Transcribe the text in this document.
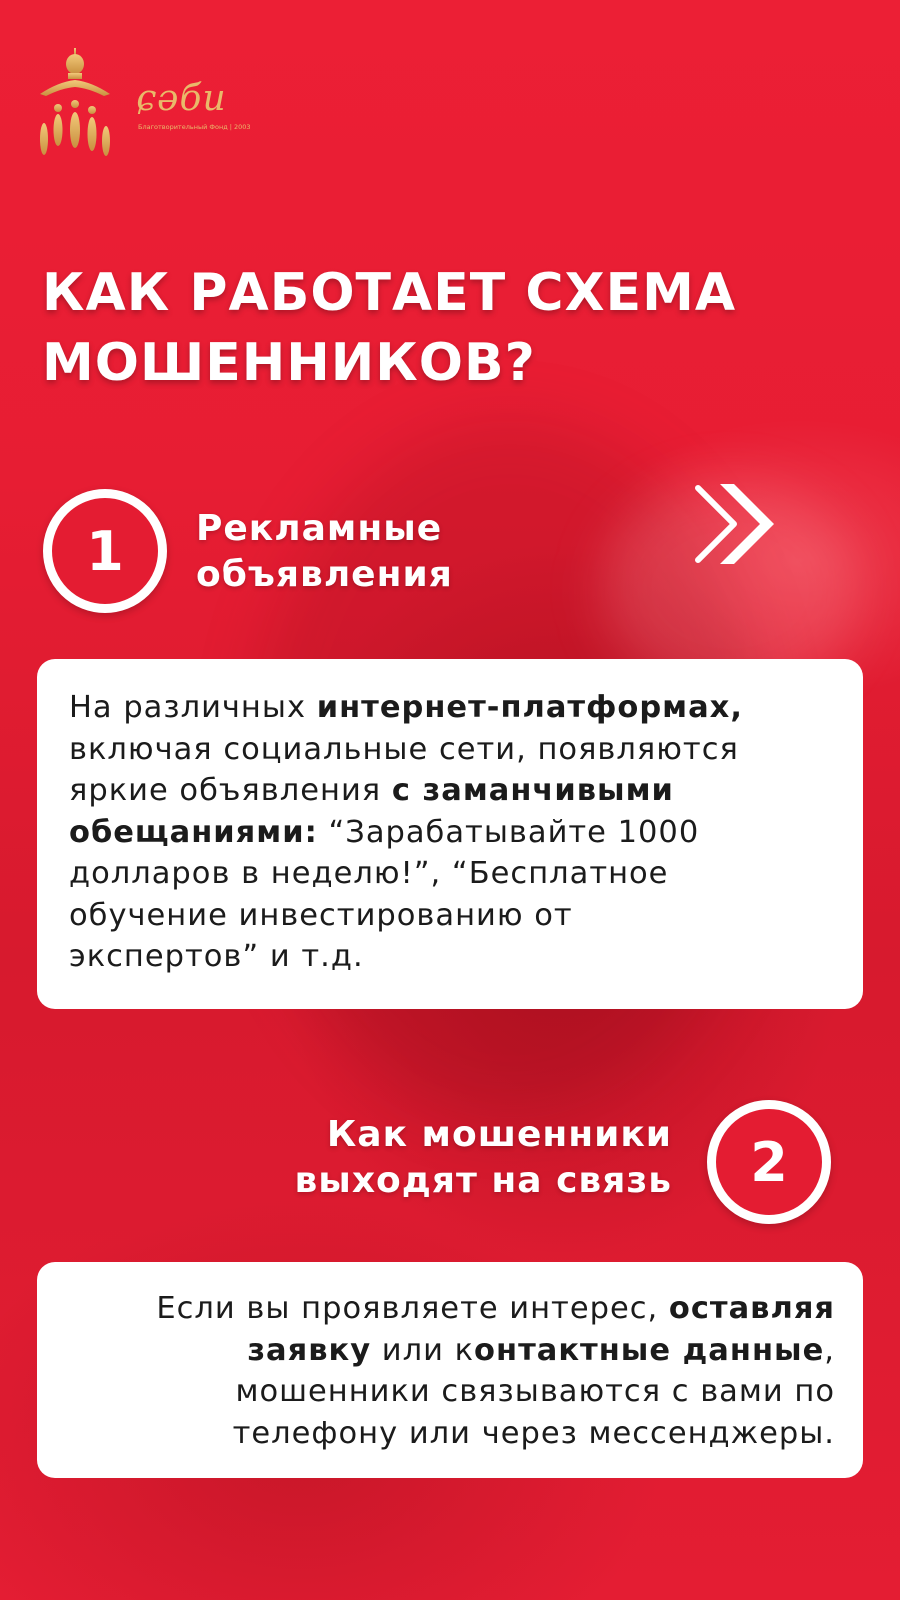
ɕǝбu
Благотворительный Фонд | 2003
КАК РАБОТАЕТ СХЕМА
МОШЕННИКОВ?
1	Рекламные
объявления
На различных интернет-платформах,
включая социальные сети, появляются
яркие объявления с заманчивыми
обещаниями: “Зарабатывайте 1000
долларов в неделю!”, “Бесплатное
обучение инвестированию от
экспертов” и т.д.
Как мошенники
выходят на связь	2
Если вы проявляете интерес, оставляя
заявку или контактные данные,
мошенники связываются с вами по
телефону или через мессенджеры.
